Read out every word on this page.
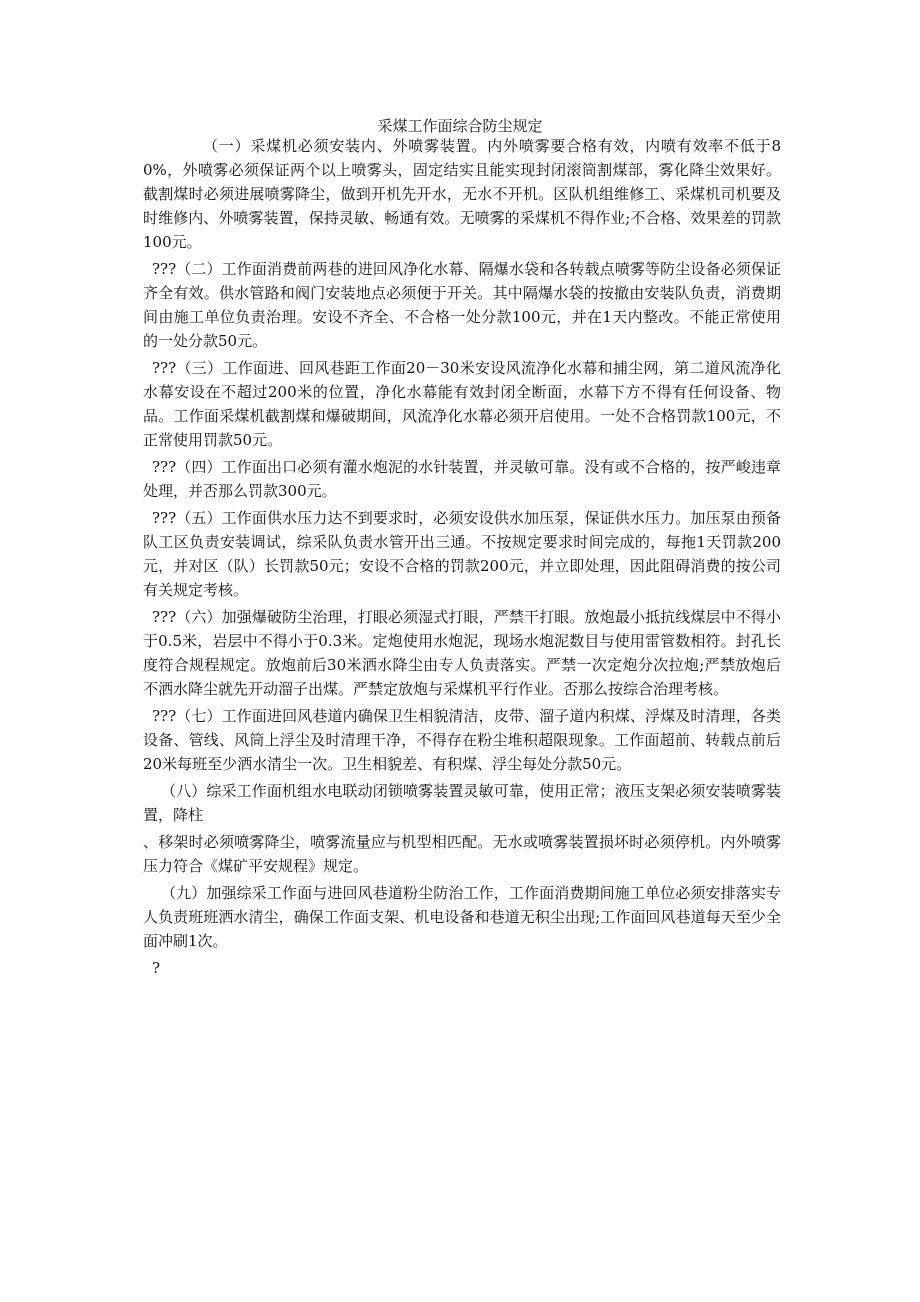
采煤工作面综合防尘规定

（一）采煤机必须安装内、外喷雾装置。内外喷雾要合格有效，内喷有效率不低于80%，外喷雾必须保证两个以上喷雾头，固定结实且能实现封闭滚筒割煤部，雾化降尘效果好。截割煤时必须进展喷雾降尘，做到开机先开水，无水不开机。区队机组维修工、采煤机司机要及时维修内、外喷雾装置，保持灵敏、畅通有效。无喷雾的采煤机不得作业;不合格、效果差的罚款100元。

???（二）工作面消费前两巷的进回风净化水幕、隔爆水袋和各转载点喷雾等防尘设备必须保证齐全有效。供水管路和阀门安装地点必须便于开关。其中隔爆水袋的按撤由安装队负责，消费期间由施工单位负责治理。安设不齐全、不合格一处分款100元，并在1天内整改。不能正常使用的一处分款50元。

???（三）工作面进、回风巷距工作面20－30米安设风流净化水幕和捕尘网，第二道风流净化水幕安设在不超过200米的位置，净化水幕能有效封闭全断面，水幕下方不得有任何设备、物品。工作面采煤机截割煤和爆破期间，风流净化水幕必须开启使用。一处不合格罚款100元，不正常使用罚款50元。

???（四）工作面出口必须有灌水炮泥的水针装置，并灵敏可靠。没有或不合格的，按严峻违章处理，并否那么罚款300元。

???（五）工作面供水压力达不到要求时，必须安设供水加压泵，保证供水压力。加压泵由预备队工区负责安装调试，综采队负责水管开出三通。不按规定要求时间完成的，每拖1天罚款200元，并对区（队）长罚款50元；安设不合格的罚款200元，并立即处理，因此阻碍消费的按公司有关规定考核。

???（六）加强爆破防尘治理，打眼必须湿式打眼，严禁干打眼。放炮最小抵抗线煤层中不得小于0.5米，岩层中不得小于0.3米。定炮使用水炮泥，现场水炮泥数目与使用雷管数相符。封孔长度符合规程规定。放炮前后30米洒水降尘由专人负责落实。严禁一次定炮分次拉炮;严禁放炮后不洒水降尘就先开动溜子出煤。严禁定放炮与采煤机平行作业。否那么按综合治理考核。

???（七）工作面进回风巷道内确保卫生相貌清洁，皮带、溜子道内积煤、浮煤及时清理，各类设备、管线、风筒上浮尘及时清理干净，不得存在粉尘堆积超限现象。工作面超前、转载点前后20米每班至少洒水清尘一次。卫生相貌差、有积煤、浮尘每处分款50元。

（八）综采工作面机组水电联动闭锁喷雾装置灵敏可靠，使用正常；液压支架必须安装喷雾装置，降柱

、移架时必须喷雾降尘，喷雾流量应与机型相匹配。无水或喷雾装置损坏时必须停机。内外喷雾压力符合《煤矿平安规程》规定。

（九）加强综采工作面与进回风巷道粉尘防治工作，工作面消费期间施工单位必须安排落实专人负责班班洒水清尘，确保工作面支架、机电设备和巷道无积尘出现;工作面回风巷道每天至少全面冲刷1次。

?
